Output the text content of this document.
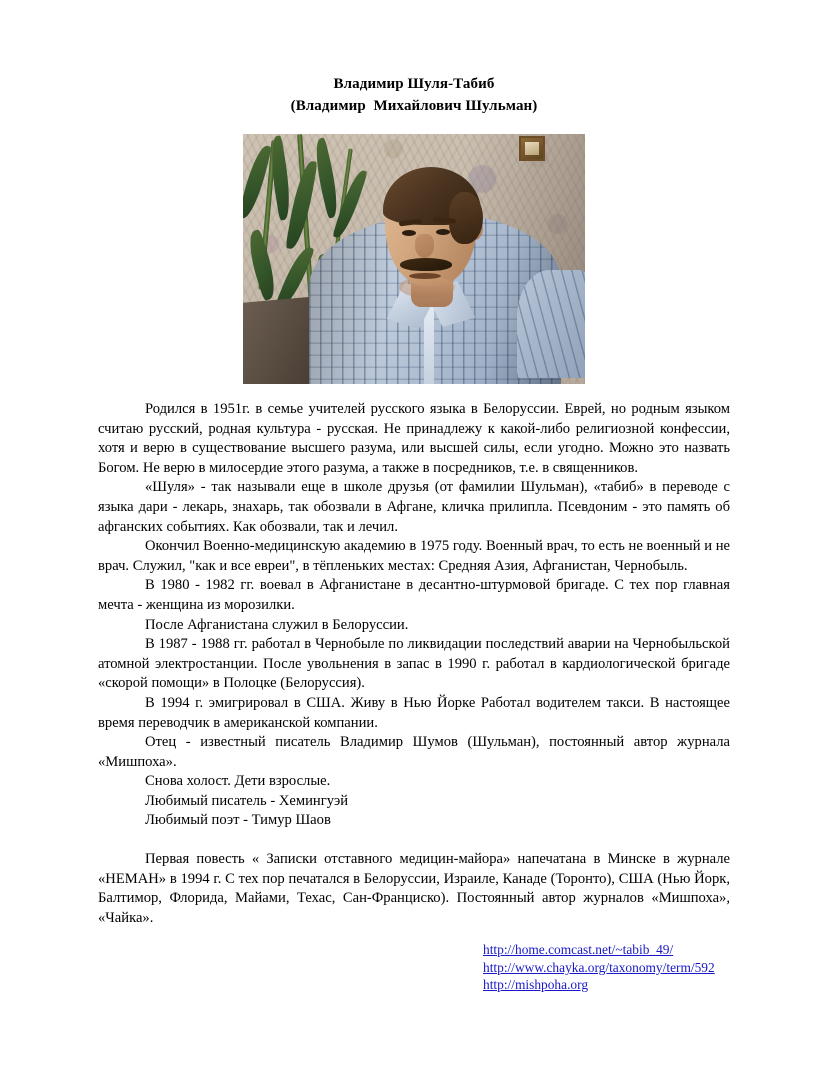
Владимир Шуля-Табиб
(Владимир  Михайлович Шульман)

Родился в 1951г. в семье учителей русского языка в Белоруссии. Еврей, но родным языком считаю русский, родная культура - русская. Не принадлежу к какой-либо религиозной конфессии, хотя и верю в существование высшего разума, или высшей силы, если угодно. Можно это назвать Богом. Не верю в милосердие этого разума, а также в посредников, т.е. в священников.

«Шуля» - так называли еще в школе друзья (от фамилии Шульман), «табиб» в переводе с языка дари - лекарь, знахарь, так обозвали в Афгане, кличка прилипла. Псевдоним - это память об афганских событиях. Как обозвали, так и лечил.

Окончил Военно-медицинскую академию в 1975 году. Военный врач, то есть не военный и не врач. Служил, "как и все евреи", в тёпленьких местах: Средняя Азия, Афганистан, Чернобыль.

В 1980 - 1982 гг. воевал в Афганистане в десантно-штурмовой бригаде. С тех пор главная мечта - женщина из морозилки.

После Афганистана служил в Белоруссии.

В 1987 - 1988 гг. работал в Чернобыле по ликвидации последствий аварии на Чернобыльской атомной электростанции. После увольнения в запас в 1990 г. работал в кардиологической бригаде «скорой помощи» в Полоцке (Белоруссия).

В 1994 г. эмигрировал в США. Живу в Нью Йорке Работал водителем такси. В настоящее время переводчик в американской компании.

Отец - известный писатель Владимир Шумов (Шульман), постоянный автор журнала «Мишпоха».

Снова холост. Дети взрослые.

Любимый писатель - Хемингуэй

Любимый поэт - Тимур Шаов

Первая повесть « Записки отставного медицин-майора» напечатана в Минске в журнале «НЕМАН» в 1994 г. С тех пор печатался в Белоруссии, Израиле, Канаде (Торонто), США (Нью Йорк, Балтимор, Флорида, Майами, Техас, Сан-Франциско). Постоянный автор журналов «Мишпоха», «Чайка».

http://home.comcast.net/~tabib_49/
http://www.chayka.org/taxonomy/term/592
http://mishpoha.org
